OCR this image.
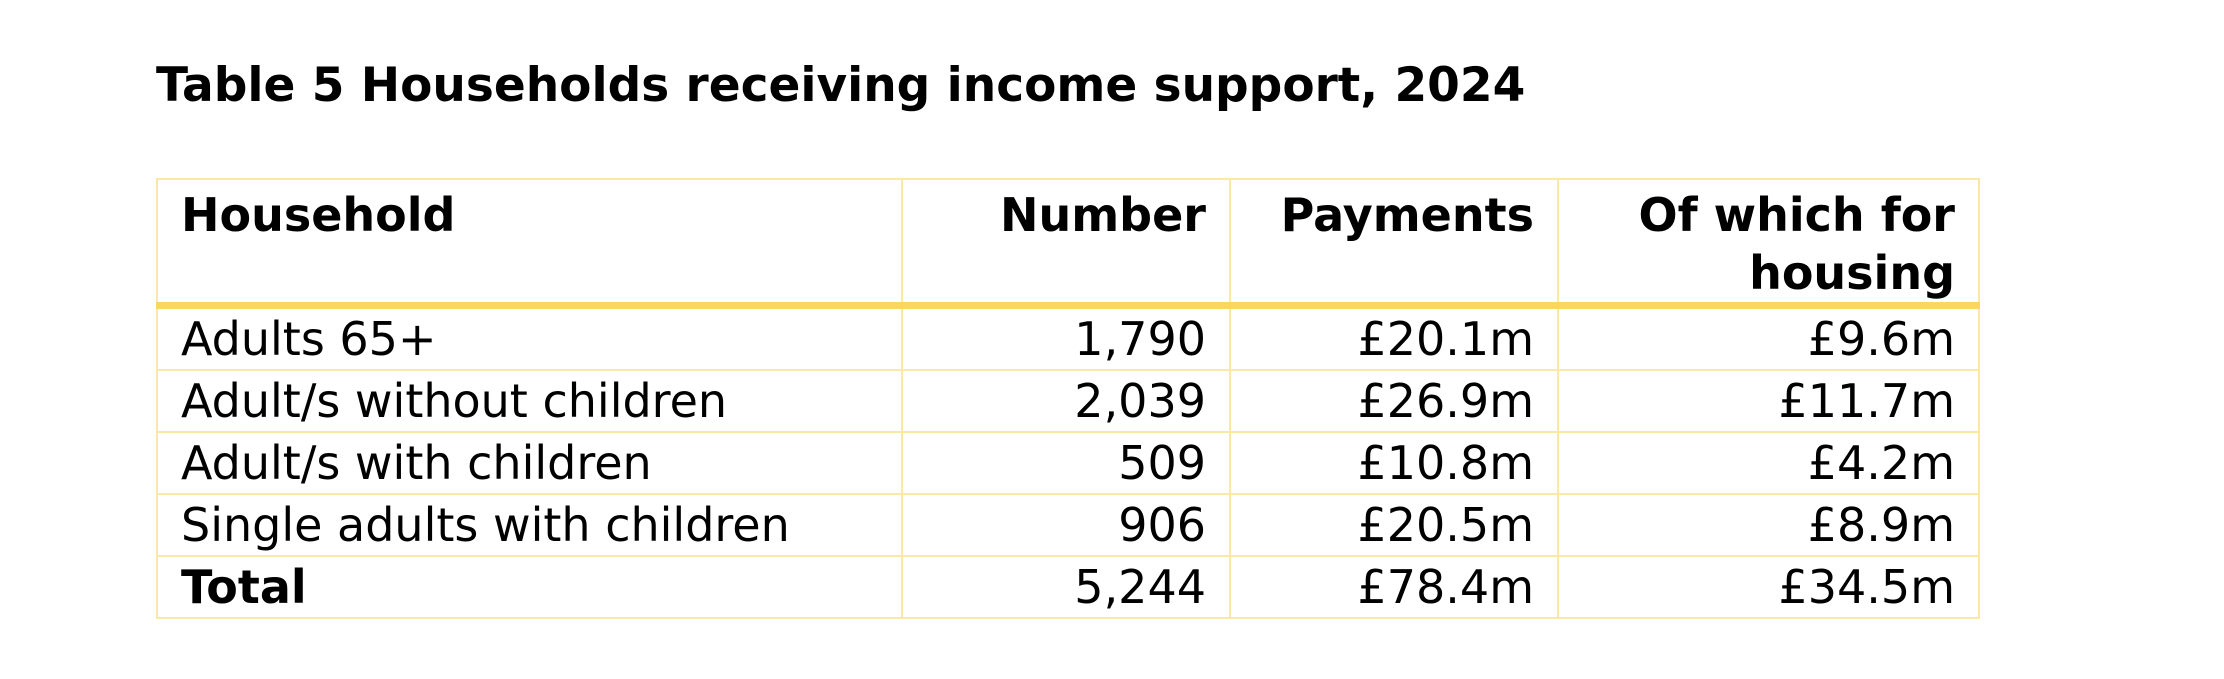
Table 5 Households receiving income support, 2024
Household	Number	Payments	Of which for housing
Adults 65+	1,790	£20.1m	£9.6m
Adult/s without children	2,039	£26.9m	£11.7m
Adult/s with children	509	£10.8m	£4.2m
Single adults with children	906	£20.5m	£8.9m
Total	5,244	£78.4m	£34.5m
